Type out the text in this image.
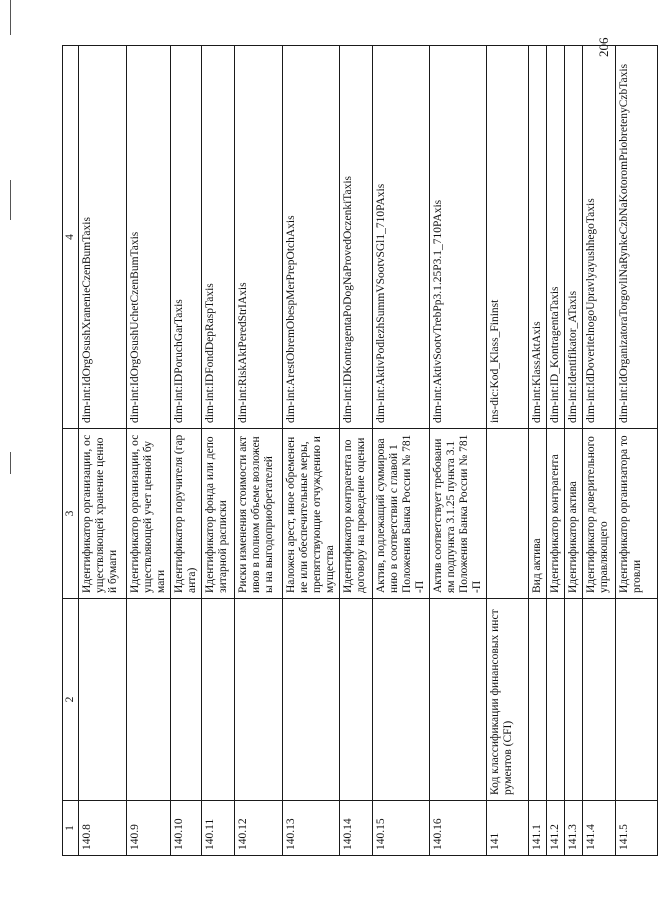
206
1	2	3	4
140.8		Идентификатор организации, осуществляющей хранение ценной бумаги	dim-int:IdOrgOsushXranenieCzenBumTaxis
140.9		Идентификатор организации, осуществляющей учет ценной бумаги	dim-int:IdOrgOsushUchetCzenBumTaxis
140.10		Идентификатор поручителя (гаранта)	dim-int:IDPoruchGarTaxis
140.11		Идентификатор фонда или депозитарной расписки	dim-int:IDFondDepRaspTaxis
140.12		Риски изменения стоимости активов в полном объеме возложены на выгодоприобретателей	dim-int:RiskAktPeredStrIAxis
140.13		Наложен арест, иное обременение или обеспечительные меры, препятствующие отчуждению имущества	dim-int:ArestObremObespMerPrepOtchAxis
140.14		Идентификатор контрагента по договору на проведение оценки	dim-int:IDKontragentaPoDogNaProvedOczenkiTaxis
140.15		Актив, подлежащий суммированию в соответствии с главой 1 Положения Банка России № 781-П	dim-int:AktivPodlezhSummVSootvSGl1_710PAxis
140.16		Актив соответствует требованиям подпункта 3.1.25 пункта 3.1 Положения Банка России № 781-П	dim-int:AktivSootvTrebPp3.1.25P3.1_710PAxis
141	Код классификации финансовых инструментов (CFI)		ins-dic:Kod_Klass_Fininst
141.1		Вид актива	dim-int:KlassAktAxis
141.2		Идентификатор контрагента	dim-int:ID_KontragentaTaxis
141.3		Идентификатор актива	dim-int:Identifikator_ATaxis
141.4		Идентификатор доверительного управляющего	dim-int:IdDoveritelnogoUpravlyayushhegoTaxis
141.5		Идентификатор организатора торговли	dim-int:IdOrganizatoraTorgovliNaRynkeCzbNaKotoromPriobretenyCzbTaxis
